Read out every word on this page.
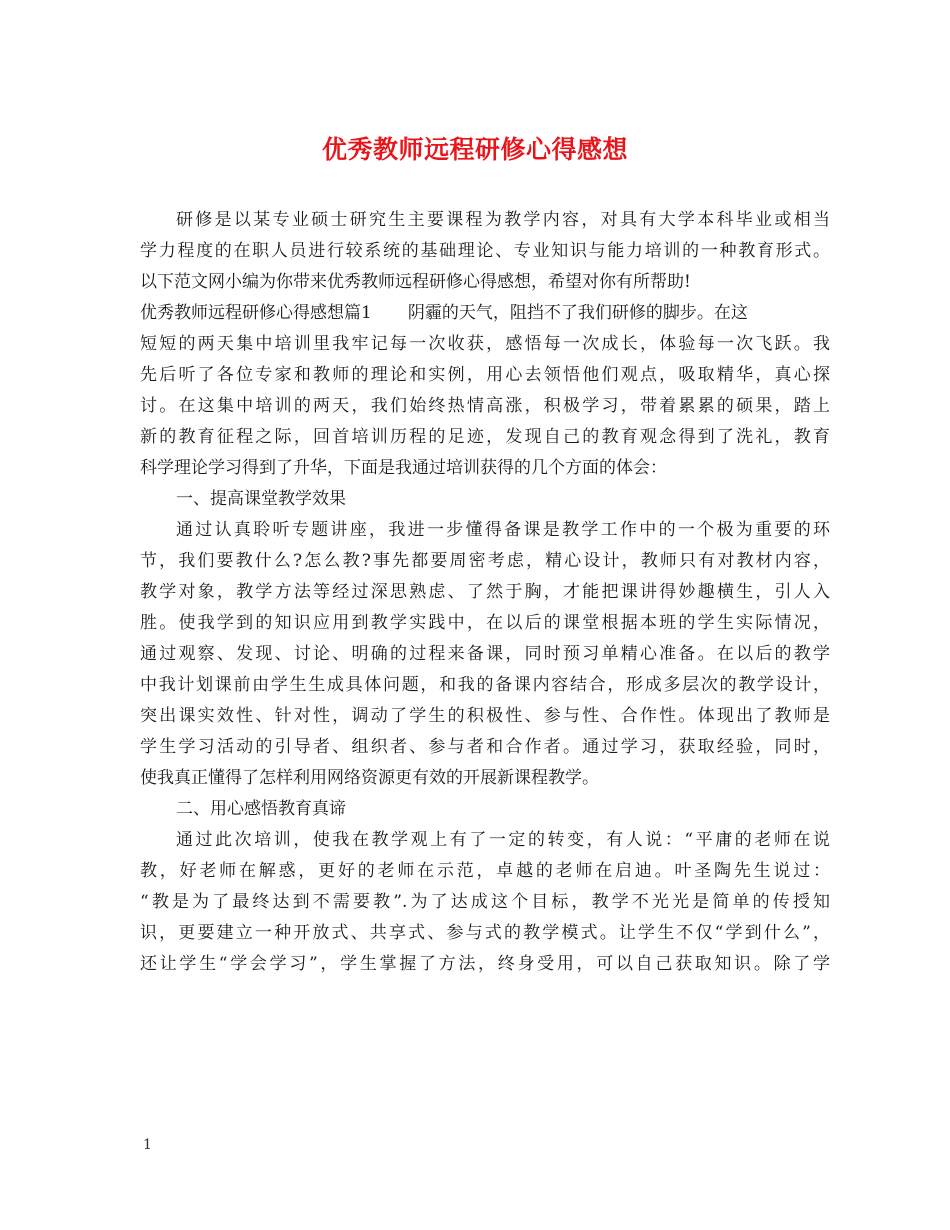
优秀教师远程研修心得感想
研修是以某专业硕士研究生主要课程为教学内容，对具有大学本科毕业或相当
学力程度的在职人员进行较系统的基础理论、专业知识与能力培训的一种教育形式。
以下范文网小编为你带来优秀教师远程研修心得感想，希望对你有所帮助!
优秀教师远程研修心得感想篇1 阴霾的天气，阻挡不了我们研修的脚步。在这
短短的两天集中培训里我牢记每一次收获，感悟每一次成长，体验每一次飞跃。我
先后听了各位专家和教师的理论和实例，用心去领悟他们观点，吸取精华，真心探
讨。在这集中培训的两天，我们始终热情高涨，积极学习，带着累累的硕果，踏上
新的教育征程之际，回首培训历程的足迹，发现自己的教育观念得到了洗礼，教育
科学理论学习得到了升华，下面是我通过培训获得的几个方面的体会：
一、提高课堂教学效果
通过认真聆听专题讲座，我进一步懂得备课是教学工作中的一个极为重要的环
节，我们要教什么?怎么教?事先都要周密考虑，精心设计，教师只有对教材内容，
教学对象，教学方法等经过深思熟虑、了然于胸，才能把课讲得妙趣横生，引人入
胜。使我学到的知识应用到教学实践中，在以后的课堂根据本班的学生实际情况，
通过观察、发现、讨论、明确的过程来备课，同时预习单精心准备。在以后的教学
中我计划课前由学生生成具体问题，和我的备课内容结合，形成多层次的教学设计，
突出课实效性、针对性，调动了学生的积极性、参与性、合作性。体现出了教师是
学生学习活动的引导者、组织者、参与者和合作者。通过学习，获取经验，同时，
使我真正懂得了怎样利用网络资源更有效的开展新课程教学。
二、用心感悟教育真谛
通过此次培训，使我在教学观上有了一定的转变，有人说：“平庸的老师在说
教，好老师在解惑，更好的老师在示范，卓越的老师在启迪。叶圣陶先生说过：
“教是为了最终达到不需要教”.为了达成这个目标，教学不光光是简单的传授知
识，更要建立一种开放式、共享式、参与式的教学模式。让学生不仅“学到什么”，
还让学生“学会学习”，学生掌握了方法，终身受用，可以自己获取知识。除了学
1
